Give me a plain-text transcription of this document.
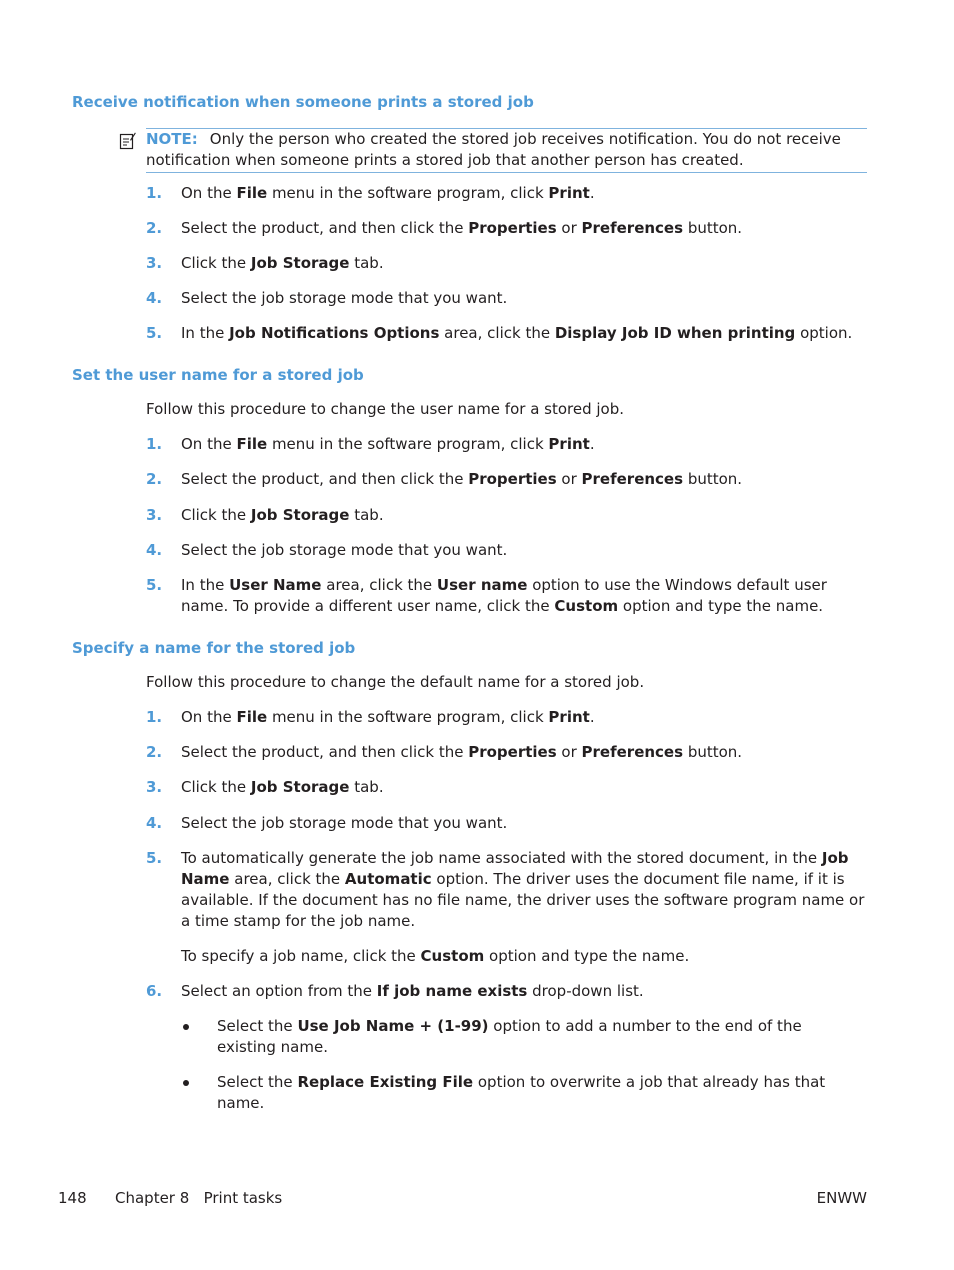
Receive notification when someone prints a stored job
NOTE: Only the person who created the stored job receives notification. You do not receive notification when someone prints a stored job that another person has created.
1. On the File menu in the software program, click Print.

2. Select the product, and then click the Properties or Preferences button.

3. Click the Job Storage tab.

4. Select the job storage mode that you want.

5. In the Job Notifications Options area, click the Display Job ID when printing option.

Set the user name for a stored job
Follow this procedure to change the user name for a stored job.
1. On the File menu in the software program, click Print.

2. Select the product, and then click the Properties or Preferences button.

3. Click the Job Storage tab.

4. Select the job storage mode that you want.

5. In the User Name area, click the User name option to use the Windows default user name. To provide a different user name, click the Custom option and type the name.

Specify a name for the stored job
Follow this procedure to change the default name for a stored job.
1. On the File menu in the software program, click Print.

2. Select the product, and then click the Properties or Preferences button.

3. Click the Job Storage tab.

4. Select the job storage mode that you want.

5. To automatically generate the job name associated with the stored document, in the Job Name area, click the Automatic option. The driver uses the document file name, if it is available. If the document has no file name, the driver uses the software program name or a time stamp for the job name.

To specify a job name, click the Custom option and type the name.

6. Select an option from the If job name exists drop-down list.

Select the Use Job Name + (1-99) option to add a number to the end of the existing name.
Select the Replace Existing File option to overwrite a job that already has that name.
148 Chapter 8   Print tasks	ENWW
